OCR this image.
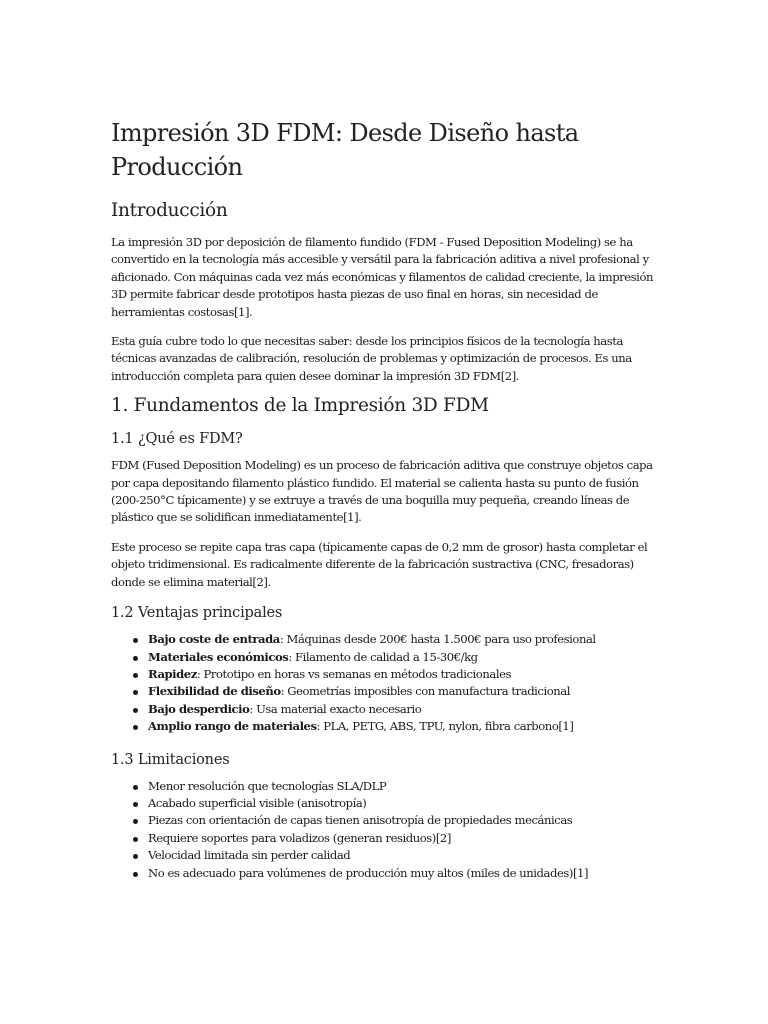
Impresión 3D FDM: Desde Diseño hasta Producción
Introducción

La impresión 3D por deposición de filamento fundido (FDM - Fused Deposition Modeling) se ha convertido en la tecnología más accesible y versátil para la fabricación aditiva a nivel profesional y aficionado. Con máquinas cada vez más económicas y filamentos de calidad creciente, la impresión 3D permite fabricar desde prototipos hasta piezas de uso final en horas, sin necesidad de herramientas costosas[1].

Esta guía cubre todo lo que necesitas saber: desde los principios físicos de la tecnología hasta técnicas avanzadas de calibración, resolución de problemas y optimización de procesos. Es una introducción completa para quien desee dominar la impresión 3D FDM[2].

1. Fundamentos de la Impresión 3D FDM
1.1 ¿Qué es FDM?

FDM (Fused Deposition Modeling) es un proceso de fabricación aditiva que construye objetos capa por capa depositando filamento plástico fundido. El material se calienta hasta su punto de fusión (200-250°C típicamente) y se extruye a través de una boquilla muy pequeña, creando líneas de plástico que se solidifican inmediatamente[1].

Este proceso se repite capa tras capa (típicamente capas de 0,2 mm de grosor) hasta completar el objeto tridimensional. Es radicalmente diferente de la fabricación sustractiva (CNC, fresadoras) donde se elimina material[2].

1.2 Ventajas principales
Bajo coste de entrada: Máquinas desde 200€ hasta 1.500€ para uso profesional
Materiales económicos: Filamento de calidad a 15-30€/kg
Rapidez: Prototipo en horas vs semanas en métodos tradicionales
Flexibilidad de diseño: Geometrías imposibles con manufactura tradicional
Bajo desperdicio: Usa material exacto necesario
Amplio rango de materiales: PLA, PETG, ABS, TPU, nylon, fibra carbono[1]
1.3 Limitaciones
Menor resolución que tecnologías SLA/DLP
Acabado superficial visible (anisotropía)
Piezas con orientación de capas tienen anisotropía de propiedades mecánicas
Requiere soportes para voladizos (generan residuos)[2]
Velocidad limitada sin perder calidad
No es adecuado para volúmenes de producción muy altos (miles de unidades)[1]
